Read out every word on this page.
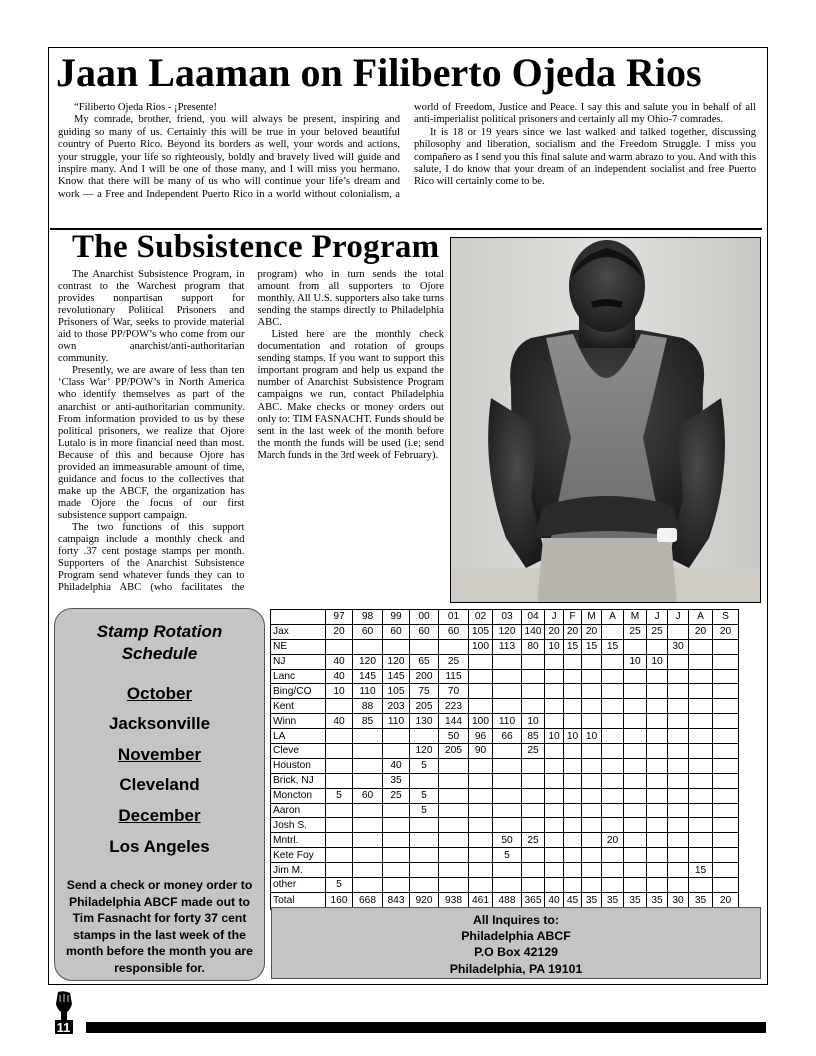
Jaan Laaman on Filiberto Ojeda Rios

“Filiberto Ojeda Rios - ¡Presente!

My comrade, brother, friend, you will always be present, inspiring and guiding so many of us. Certainly this will be true in your beloved beautiful country of Puerto Rico. Beyond its borders as well, your words and actions, your struggle, your life so righteously, boldly and bravely lived will guide and inspire many. And I will be one of those many, and I will miss you hermano. Know that there will be many of us who will continue your life’s dream and work — a Free and Independent Puerto Rico in a world without colonialism, a world of Freedom, Justice and Peace. I say this and salute you in behalf of all anti-imperialist political prisoners and certainly all my Ohio-7 comrades.

It is 18 or 19 years since we last walked and talked together, discussing philosophy and liberation, socialism and the Freedom Struggle. I miss you compañero as I send you this final salute and warm abrazo to you. And with this salute, I do know that your dream of an independent socialist and free Puerto Rico will certainly come to be.

The Subsistence Program

The Anarchist Subsistence Program, in contrast to the Warchest program that provides nonpartisan support for revolutionary Political Prisoners and Prisoners of War, seeks to provide material aid to those PP/POW’s who come from our own anarchist/anti-authoritarian community.

Presently, we are aware of less than ten ‘Class War’ PP/POW’s in North America who identify themselves as part of the anarchist or anti-authoritarian community. From information provided to us by these political prisoners, we realize that Ojore Lutalo is in more financial need than most. Because of this and because Ojore has provided an immeasurable amount of time, guidance and focus to the collectives that make up the ABCF, the organization has made Ojore the focus of our first subsistence support campaign.

The two functions of this support campaign include a monthly check and forty .37 cent postage stamps per month. Supporters of the Anarchist Subsistence Program send whatever funds they can to Philadelphia ABC (who facilitates the program) who in turn sends the total amount from all supporters to Ojore monthly. All U.S. supporters also take turns sending the stamps directly to Philadelphia ABC.

Listed here are the monthly check documentation and rotation of groups sending stamps. If you want to support this important program and help us expand the number of Anarchist Subsistence Program campaigns we run, contact Philadelphia ABC. Make checks or money orders out only to: TIM FASNACHT. Funds should be sent in the last week of the month before the month the funds will be used (i.e; send March funds in the 3rd week of February).

Stamp Rotation
Schedule
October
Jacksonville
November
Cleveland
December
Los Angeles
Send a check or money order to Philadelphia ABCF made out to Tim Fasnacht for forty 37 cent stamps in the last week of the month before the month you are responsible for.
	97	98	99	00	01	02	03	04	J	F	M	A	M	J	J	A	S
Jax	20	60	60	60	60	105	120	140	20	20	20		25	25		20	20
NE						100	113	80	10	15	15	15			30		
NJ	40	120	120	65	25								10	10			
Lanc	40	145	145	200	115												
Bing/CO	10	110	105	75	70												
Kent		88	203	205	223												
Winn	40	85	110	130	144	100	110	10									
LA					50	96	66	85	10	10	10						
Cleve				120	205	90		25									
Houston			40	5													
Brick, NJ			35														
Moncton	5	60	25	5													
Aaron				5													
Josh S.																	
Mntrl.							50	25				20					
Kete Foy							5										
Jim M.																15	
other	5																
Total	160	668	843	920	938	461	488	365	40	45	35	35	35	35	30	35	20
All Inquires to:
Philadelphia ABCF
P.O Box 42129
Philadelphia, PA 19101
11
